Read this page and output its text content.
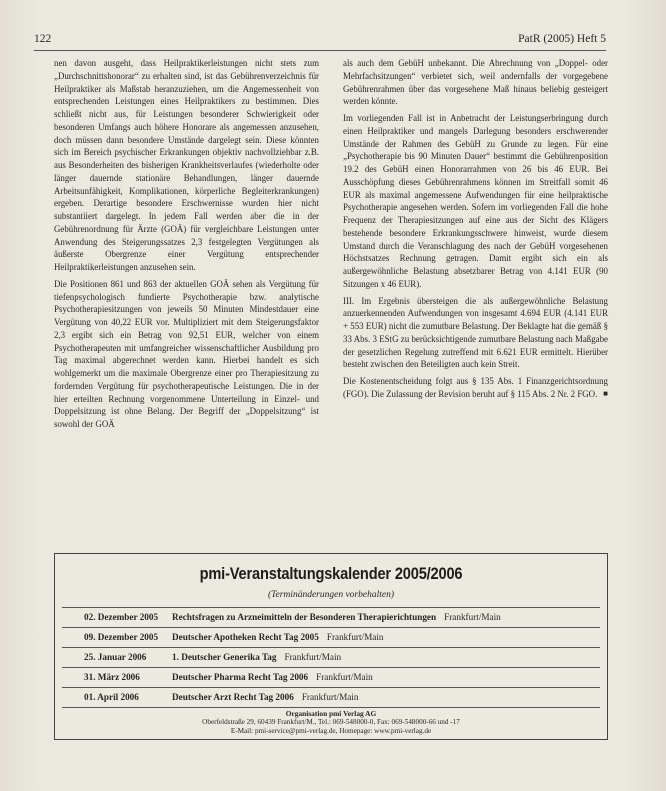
122	PatR (2005) Heft 5

nen davon ausgeht, dass Heilpraktikerleistungen nicht stets zum „Durchschnittshonorar“ zu erhalten sind, ist das Gebührenverzeichnis für Heilpraktiker als Maßstab heranzuziehen, um die Angemessenheit von entsprechenden Leistungen eines Heilpraktikers zu bestimmen. Dies schließt nicht aus, für Leistungen besonderer Schwierigkeit oder besonderen Umfangs auch höhere Honorare als angemessen anzusehen, doch müssen dann besondere Umstände dargelegt sein. Diese könnten sich im Bereich psychischer Erkrankungen objektiv nachvollziehbar z.B. aus Besonderheiten des bisherigen Krankheitsverlaufes (wiederholte oder länger dauernde stationäre Behandlungen, länger dauernde Arbeitsunfähigkeit, Komplikationen, körperliche Begleiterkrankungen) ergeben. Derartige besondere Erschwernisse wurden hier nicht substantiiert dargelegt. In jedem Fall werden aber die in der Gebührenordnung für Ärzte (GOÄ) für vergleichbare Leistungen unter Anwendung des Steigerungssatzes 2,3 festgelegten Vergütungen als äußerste Obergrenze einer Vergütung entsprechender Heilpraktikerleistungen anzusehen sein.

Die Positionen 861 und 863 der aktuellen GOÄ sehen als Vergütung für tiefenpsychologisch fundierte Psychotherapie bzw. analytische Psychotherapiesitzungen von jeweils 50 Minuten Mindestdauer eine Vergütung von 40,22 EUR vor. Multipliziert mit dem Steigerungsfaktor 2,3 ergibt sich ein Betrag von 92,51 EUR, welcher von einem Psychotherapeuten mit umfangreicher wissenschaftlicher Ausbildung pro Tag maximal abgerechnet werden kann. Hierbei handelt es sich wohlgemerkt um die maximale Obergrenze einer pro Therapiesitzung zu fordernden Vergütung für psychotherapeutische Leistungen. Die in der hier erteilten Rechnung vorgenommene Unterteilung in Einzel- und Doppelsitzung ist ohne Belang. Der Begriff der „Doppelsitzung“ ist sowohl der GOÄ

als auch dem GebüH unbekannt. Die Abrechnung von „Doppel- oder Mehrfachsitzungen“ verbietet sich, weil andernfalls der vorgegebene Gebührenrahmen über das vorgesehene Maß hinaus beliebig gesteigert werden könnte.

Im vorliegenden Fall ist in Anbetracht der Leistungserbringung durch einen Heilpraktiker und mangels Darlegung besonders erschwerender Umstände der Rahmen des GebüH zu Grunde zu legen. Für eine „Psychotherapie bis 90 Minuten Dauer“ bestimmt die Gebührenposition 19.2 des GebüH einen Honorarrahmen von 26 bis 46 EUR. Bei Ausschöpfung dieses Gebührenrahmens können im Streitfall somit 46 EUR als maximal angemessene Aufwendungen für eine heilpraktische Psychotherapie angesehen werden. Sofern im vorliegenden Fall die hohe Frequenz der Therapiesitzungen auf eine aus der Sicht des Klägers bestehende besondere Erkrankungsschwere hinweist, wurde diesem Umstand durch die Veranschlagung des nach der GebüH vorgesehenen Höchstsatzes Rechnung getragen. Damit ergibt sich ein als außergewöhnliche Belastung absetzbarer Betrag von 4.141 EUR (90 Sitzungen x 46 EUR).

III. Im Ergebnis übersteigen die als außergewöhnliche Belastung anzuerkennenden Aufwendungen von insgesamt 4.694 EUR (4.141 EUR + 553 EUR) nicht die zumutbare Belastung. Der Beklagte hat die gemäß § 33 Abs. 3 EStG zu berücksichtigende zumutbare Belastung nach Maßgabe der gesetzlichen Regelung zutreffend mit 6.621 EUR ermittelt. Hierüber besteht zwischen den Beteiligten auch kein Streit.

Die Kostenentscheidung folgt aus § 135 Abs. 1 Finanzgerichtsordnung (FGO). Die Zulassung der Revision beruht auf § 115 Abs. 2 Nr. 2 FGO. ■

pmi-Veranstaltungskalender 2005/2006
(Terminänderungen vorbehalten)
02. Dezember 2005 Rechtsfragen zu Arzneimitteln der Besonderen Therapierichtungen Frankfurt/Main
09. Dezember 2005 Deutscher Apotheken Recht Tag 2005 Frankfurt/Main
25. Januar 2006	1. Deutscher Generika Tag Frankfurt/Main
31. März 2006	Deutscher Pharma Recht Tag 2006 Frankfurt/Main
01. April 2006	Deutscher Arzt Recht Tag 2006 Frankfurt/Main
Organisation pmi Verlag AG
Oberfeldstraße 29, 60439 Frankfurt/M., Tel.: 069-548000-0, Fax: 069-548000-66 und -17
E-Mail: pmi-service@pmi-verlag.de, Homepage: www.pmi-verlag.de
